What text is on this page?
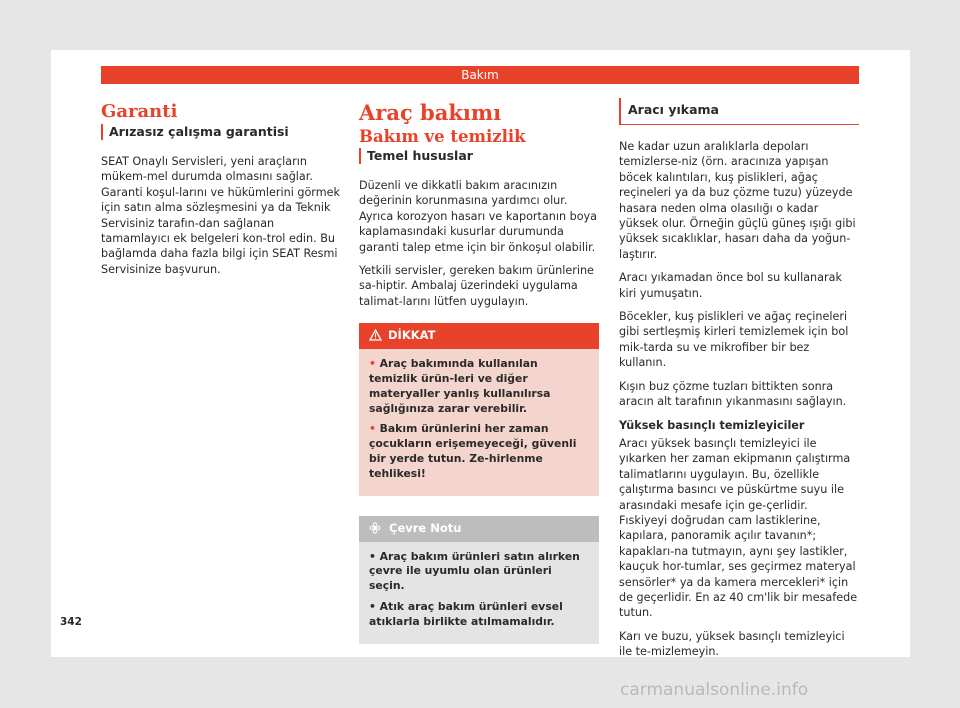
Bakım
Garanti
Arızasız çalışma garantisi

SEAT Onaylı Servisleri, yeni araçların mükem-mel durumda olmasını sağlar. Garanti koşul-larını ve hükümlerini görmek için satın alma sözleşmesini ya da Teknik Servisiniz tarafın-dan sağlanan tamamlayıcı ek belgeleri kon-trol edin. Bu bağlamda daha fazla bilgi için SEAT Resmi Servisinize başvurun.

Araç bakımı
Bakım ve temizlik
Temel hususlar

Düzenli ve dikkatli bakım aracınızın değerinin korunmasına yardımcı olur. Ayrıca korozyon hasarı ve kaportanın boya kaplamasındaki kusurlar durumunda garanti talep etme için bir önkoşul olabilir.

Yetkili servisler, gereken bakım ürünlerine sa-hiptir. Ambalaj üzerindeki uygulama talimat-larını lütfen uygulayın.

DİKKAT
• Araç bakımında kullanılan temizlik ürün-leri ve diğer materyaller yanlış kullanılırsa sağlığınıza zarar verebilir.
• Bakım ürünlerini her zaman çocukların erişemeyeceği, güvenli bir yerde tutun. Ze-hirlenme tehlikesi!
Çevre Notu
• Araç bakım ürünleri satın alırken çevre ile uyumlu olan ürünleri seçin.
• Atık araç bakım ürünleri evsel atıklarla birlikte atılmamalıdır.
Aracı yıkama

Ne kadar uzun aralıklarla depoları temizlerse-niz (örn. aracınıza yapışan böcek kalıntıları, kuş pislikleri, ağaç reçineleri ya da buz çözme tuzu) yüzeyde hasara neden olma olasılığı o kadar yüksek olur. Örneğin güçlü güneş ışığı gibi yüksek sıcaklıklar, hasarı daha da yoğun-laştırır.

Aracı yıkamadan önce bol su kullanarak kiri yumuşatın.

Böcekler, kuş pislikleri ve ağaç reçineleri gibi sertleşmiş kirleri temizlemek için bol mik-tarda su ve mikrofiber bir bez kullanın.

Kışın buz çözme tuzları bittikten sonra aracın alt tarafının yıkanmasını sağlayın.

Yüksek basınçlı temizleyiciler

Aracı yüksek basınçlı temizleyici ile yıkarken her zaman ekipmanın çalıştırma talimatlarını uygulayın. Bu, özellikle çalıştırma basıncı ve püskürtme suyu ile arasındaki mesafe için ge-çerlidir. Fıskiyeyi doğrudan cam lastiklerine, kapılara, panoramik açılır tavanın*; kapakları-na tutmayın, aynı şey lastikler, kauçuk hor-tumlar, ses geçirmez materyal sensörler* ya da kamera mercekleri* için de geçerlidir. En az 40 cm'lik bir mesafede tutun.

Karı ve buzu, yüksek basınçlı temizleyici ile te-mizlemeyin.

342
carmanualsonline.info
